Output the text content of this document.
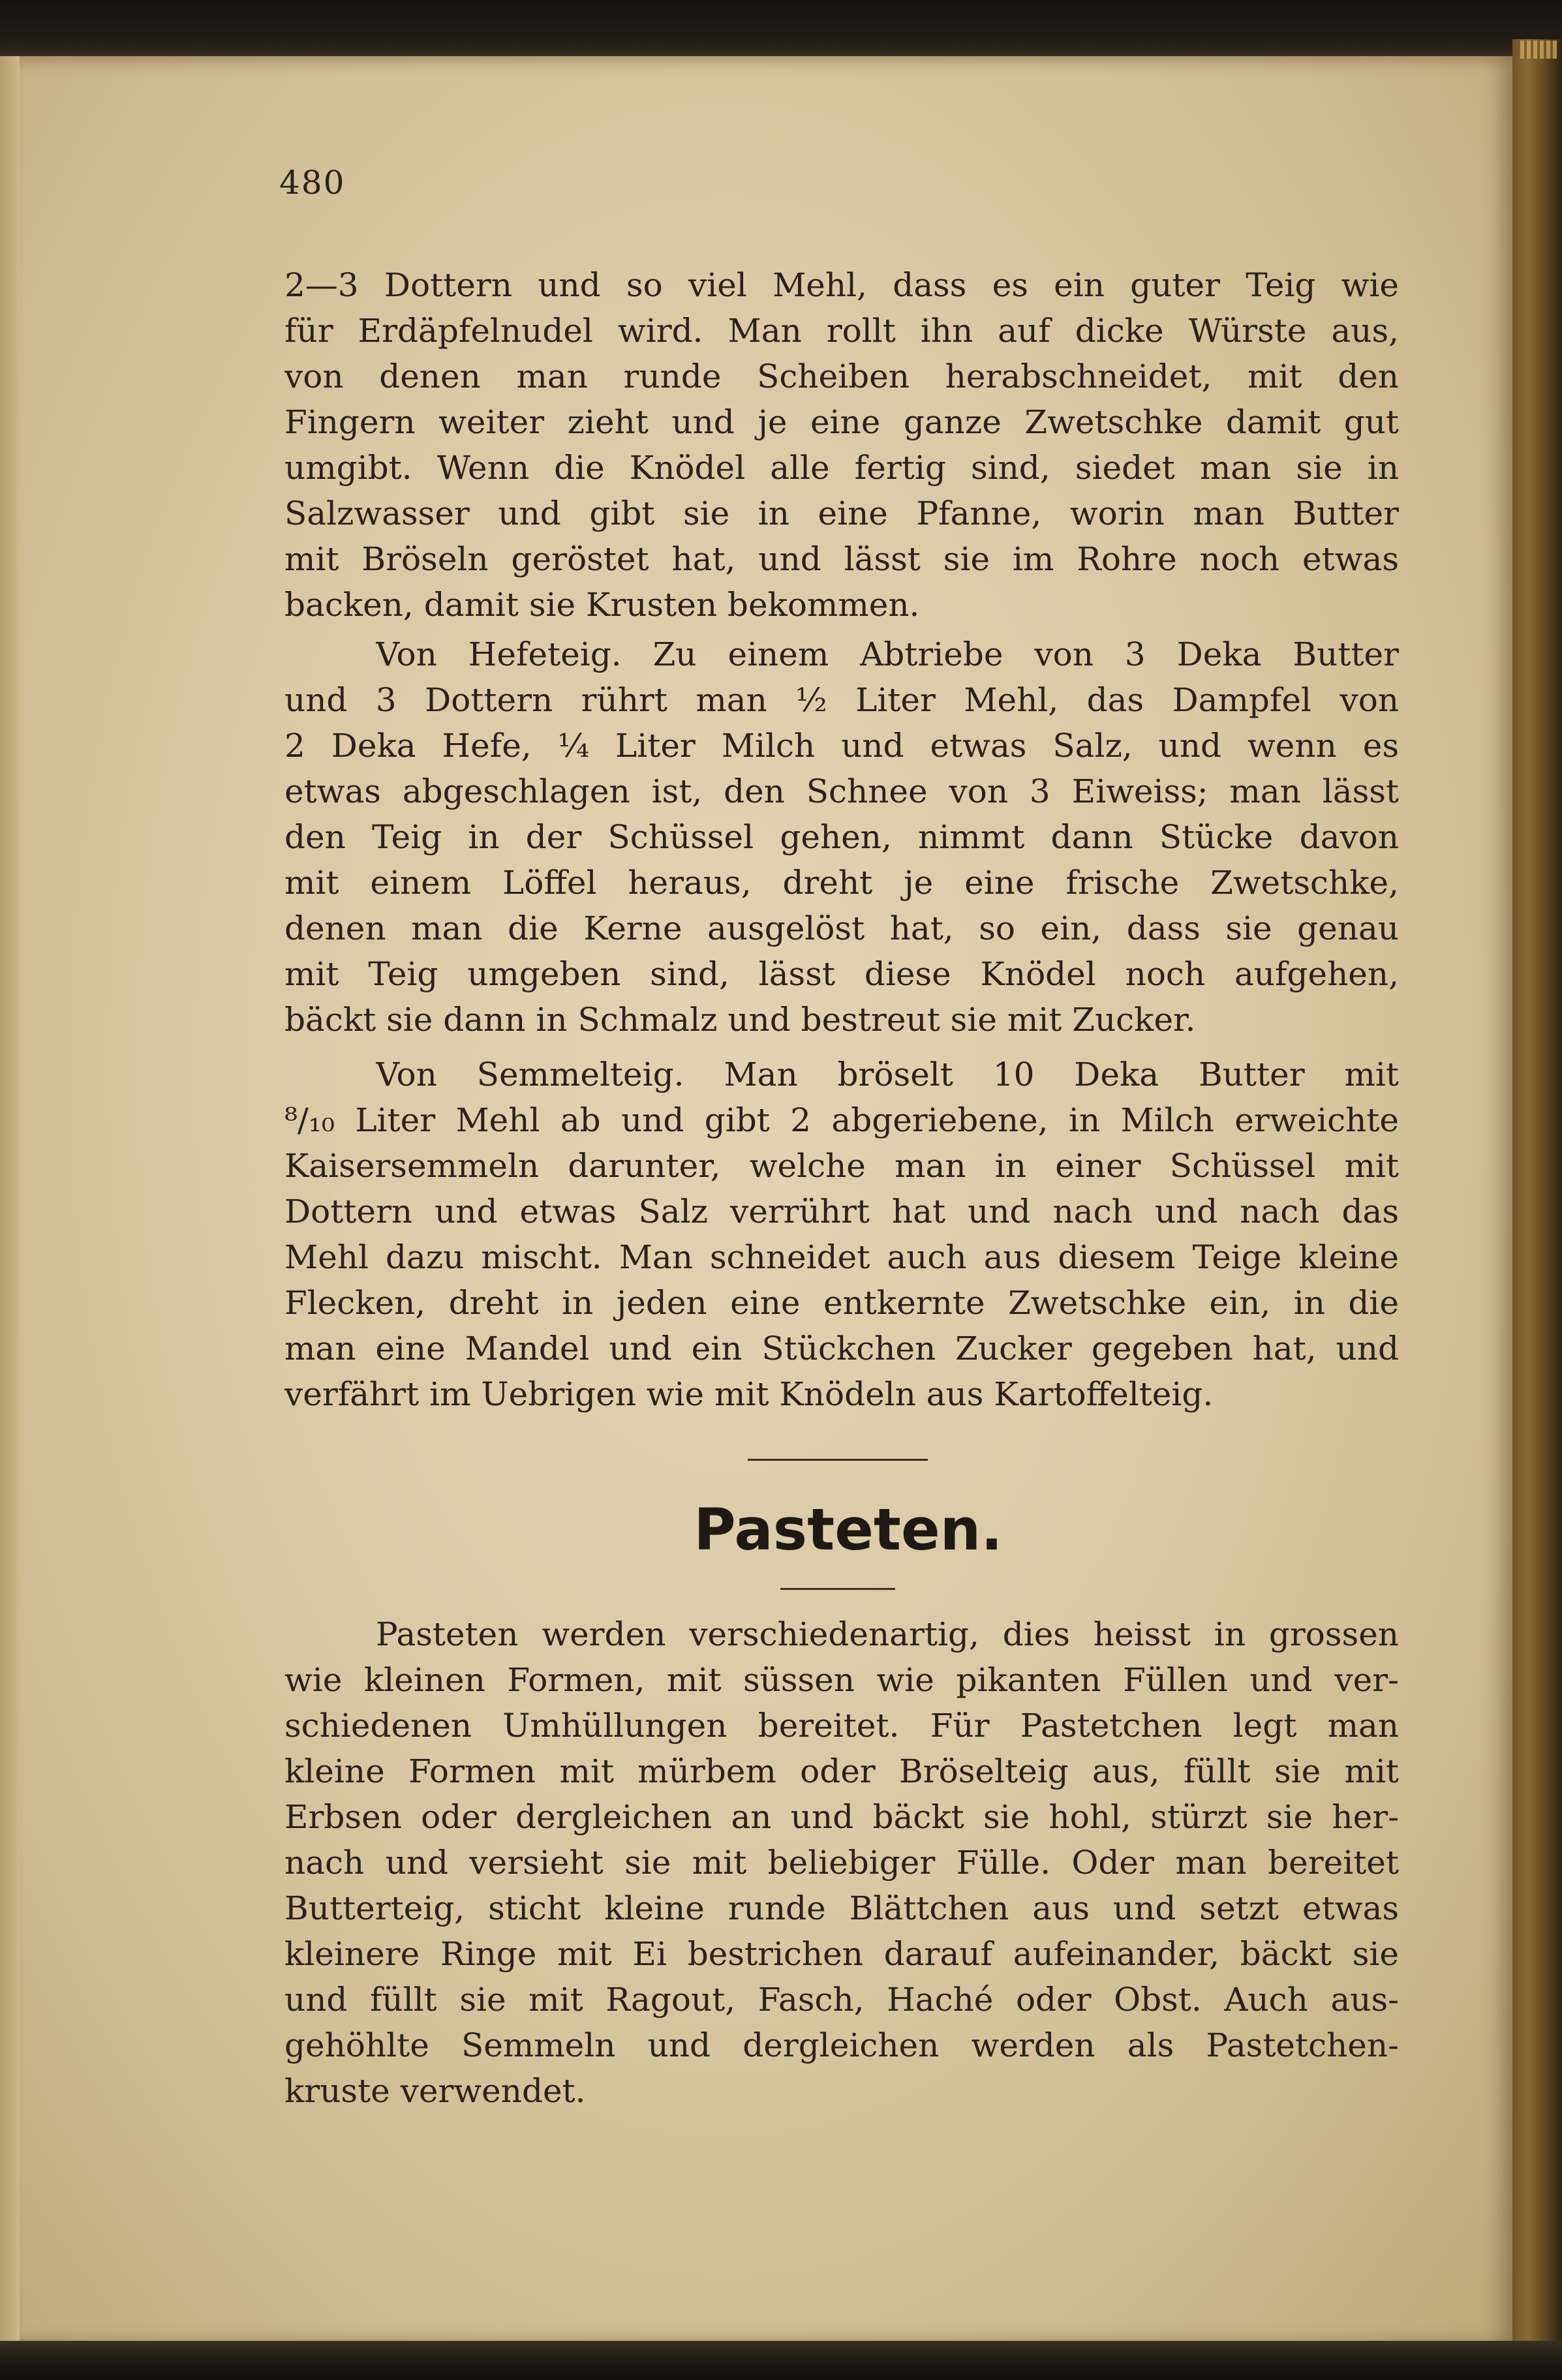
480

2—3 Dottern und so viel Mehl, dass es ein guter Teig wie

für Erdäpfelnudel wird. Man rollt ihn auf dicke Würste aus,

von denen man runde Scheiben herabschneidet, mit den

Fingern weiter zieht und je eine ganze Zwetschke damit gut

umgibt. Wenn die Knödel alle fertig sind, siedet man sie in

Salzwasser und gibt sie in eine Pfanne, worin man Butter

mit Bröseln geröstet hat, und lässt sie im Rohre noch etwas

backen, damit sie Krusten bekommen.

Von Hefeteig. Zu einem Abtriebe von 3 Deka Butter

und 3 Dottern rührt man ½ Liter Mehl, das Dampfel von

2 Deka Hefe, ¼ Liter Milch und etwas Salz, und wenn es

etwas abgeschlagen ist, den Schnee von 3 Eiweiss; man lässt

den Teig in der Schüssel gehen, nimmt dann Stücke davon

mit einem Löffel heraus, dreht je eine frische Zwetschke,

denen man die Kerne ausgelöst hat, so ein, dass sie genau

mit Teig umgeben sind, lässt diese Knödel noch aufgehen,

bäckt sie dann in Schmalz und bestreut sie mit Zucker.

Von Semmelteig. Man bröselt 10 Deka Butter mit

⁸/₁₀ Liter Mehl ab und gibt 2 abgeriebene, in Milch erweichte

Kaisersemmeln darunter, welche man in einer Schüssel mit

Dottern und etwas Salz verrührt hat und nach und nach das

Mehl dazu mischt. Man schneidet auch aus diesem Teige kleine

Flecken, dreht in jeden eine entkernte Zwetschke ein, in die

man eine Mandel und ein Stückchen Zucker gegeben hat, und

verfährt im Uebrigen wie mit Knödeln aus Kartoffelteig.

Pasteten.

Pasteten werden verschiedenartig, dies heisst in grossen

wie kleinen Formen, mit süssen wie pikanten Füllen und ver-

schiedenen Umhüllungen bereitet. Für Pastetchen legt man

kleine Formen mit mürbem oder Bröselteig aus, füllt sie mit

Erbsen oder dergleichen an und bäckt sie hohl, stürzt sie her-

nach und versieht sie mit beliebiger Fülle. Oder man bereitet

Butterteig, sticht kleine runde Blättchen aus und setzt etwas

kleinere Ringe mit Ei bestrichen darauf aufeinander, bäckt sie

und füllt sie mit Ragout, Fasch, Haché oder Obst. Auch aus-

gehöhlte Semmeln und dergleichen werden als Pastetchen-

kruste verwendet.
